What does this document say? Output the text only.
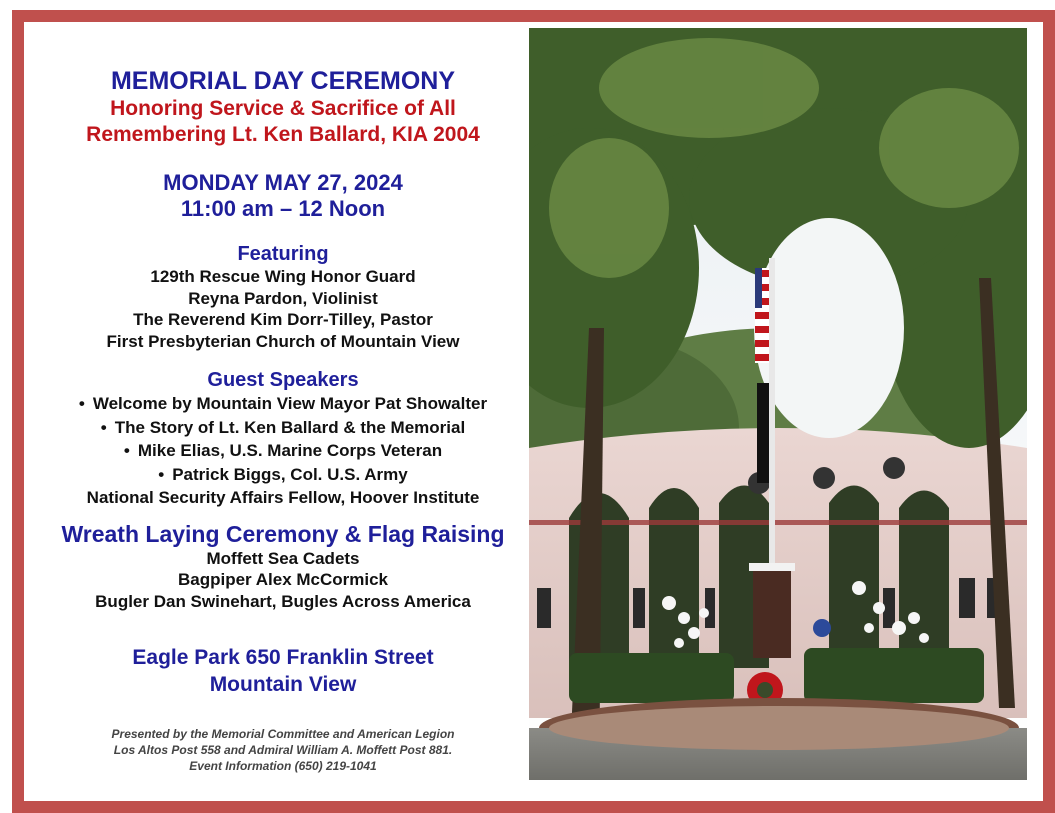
MEMORIAL DAY CEREMONY
Honoring Service & Sacrifice of All
Remembering Lt. Ken Ballard, KIA 2004
MONDAY MAY 27, 2024
11:00 am – 12 Noon
Featuring
129th Rescue Wing Honor Guard
Reyna Pardon, Violinist
The Reverend Kim Dorr-Tilley, Pastor
First Presbyterian Church of Mountain View
Guest Speakers
• Welcome by Mountain View Mayor Pat Showalter
• The Story of Lt. Ken Ballard & the Memorial
• Mike Elias, U.S. Marine Corps Veteran
• Patrick Biggs, Col. U.S. Army
National Security Affairs Fellow, Hoover Institute
Wreath Laying Ceremony & Flag Raising
Moffett Sea Cadets
Bagpiper Alex McCormick
Bugler Dan Swinehart, Bugles Across America
Eagle Park 650 Franklin Street
Mountain View
Presented by the Memorial Committee and American Legion
Los Altos Post 558 and Admiral William A. Moffett Post 881.
Event Information (650) 219-1041
